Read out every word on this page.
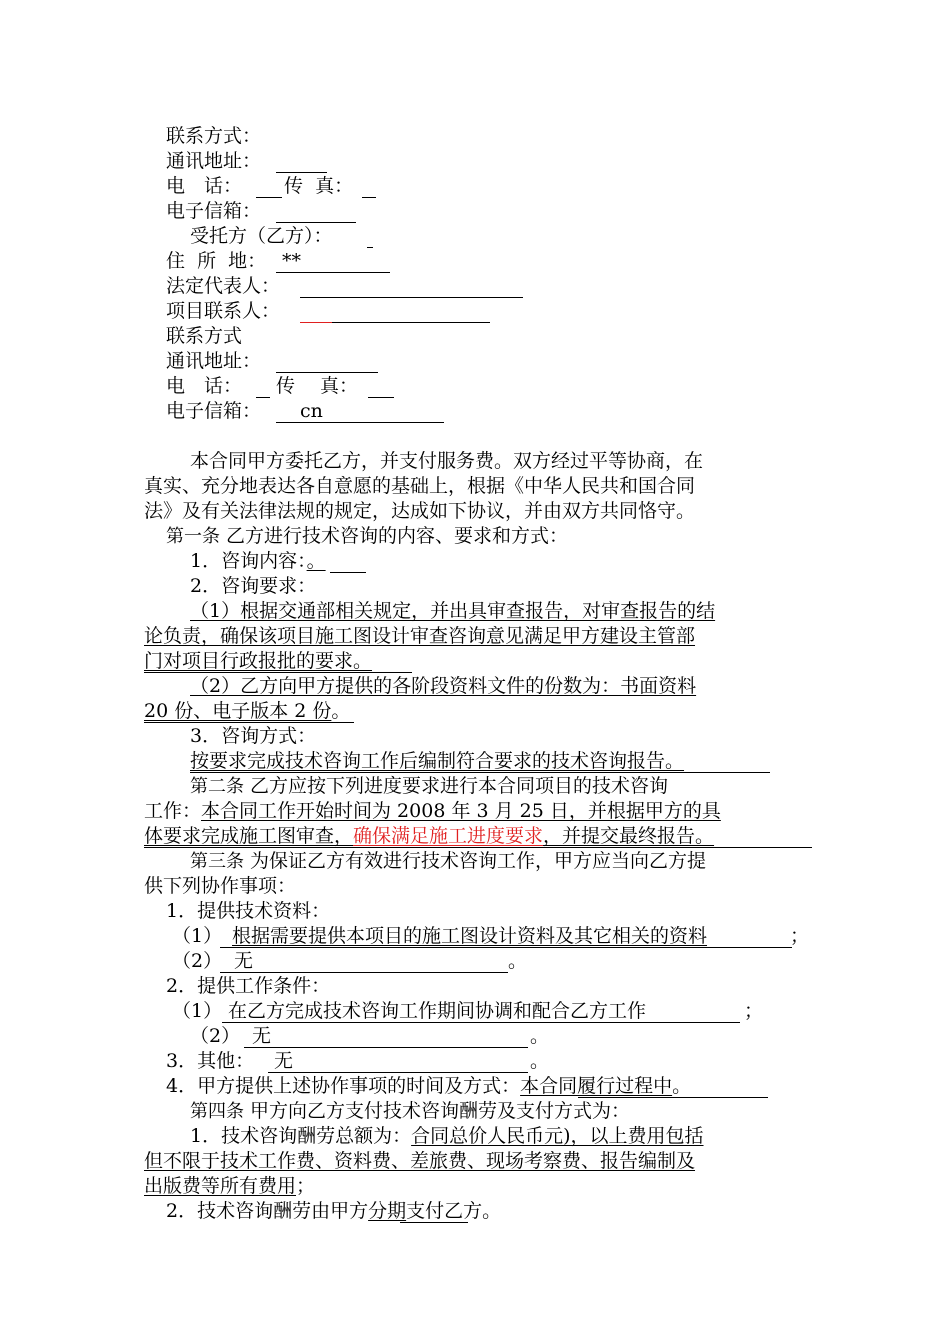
联系方式：
通讯地址：
电　话： 传  真：
电子信箱：
受托方（乙方）：
住  所  地： **
法定代表人：
项目联系人：
联系方式
通讯地址：
电　话： 传　 真：
电子信箱： cn
本合同甲方委托乙方，并支付服务费。双方经过平等协商，在
真实、充分地表达各自意愿的基础上，根据《中华人民共和国合同
法》及有关法律法规的规定，达成如下协议，并由双方共同恪守。
第一条 乙方进行技术咨询的内容、要求和方式：
1．咨询内容：。
2．咨询要求：
（1）根据交通部相关规定，并出具审查报告，对审查报告的结
论负责，确保该项目施工图设计审查咨询意见满足甲方建设主管部
门对项目行政报批的要求。
（2）乙方向甲方提供的各阶段资料文件的份数为：书面资料
20 份、电子版本 2 份。
3．咨询方式：
按要求完成技术咨询工作后编制符合要求的技术咨询报告。
第二条 乙方应按下列进度要求进行本合同项目的技术咨询
工作：本合同工作开始时间为 2008 年 3 月 25 日，并根据甲方的具
体要求完成施工图审查，确保满足施工进度要求，并提交最终报告。
第三条 为保证乙方有效进行技术咨询工作，甲方应当向乙方提
供下列协作事项：
1．提供技术资料：
（1） 根据需要提供本项目的施工图设计资料及其它相关的资料	；
（2） 无	。
2．提供工作条件：
（1） 在乙方完成技术咨询工作期间协调和配合乙方工作	；
（2） 无	。
3．其他： 无	。
4．甲方提供上述协作事项的时间及方式：本合同履行过程中。
第四条 甲方向乙方支付技术咨询酬劳及支付方式为：
1．技术咨询酬劳总额为：合同总价人民币元)，以上费用包括
但不限于技术工作费、资料费、差旅费、现场考察费、报告编制及
出版费等所有费用；
2．技术咨询酬劳由甲方分期支付乙方。
